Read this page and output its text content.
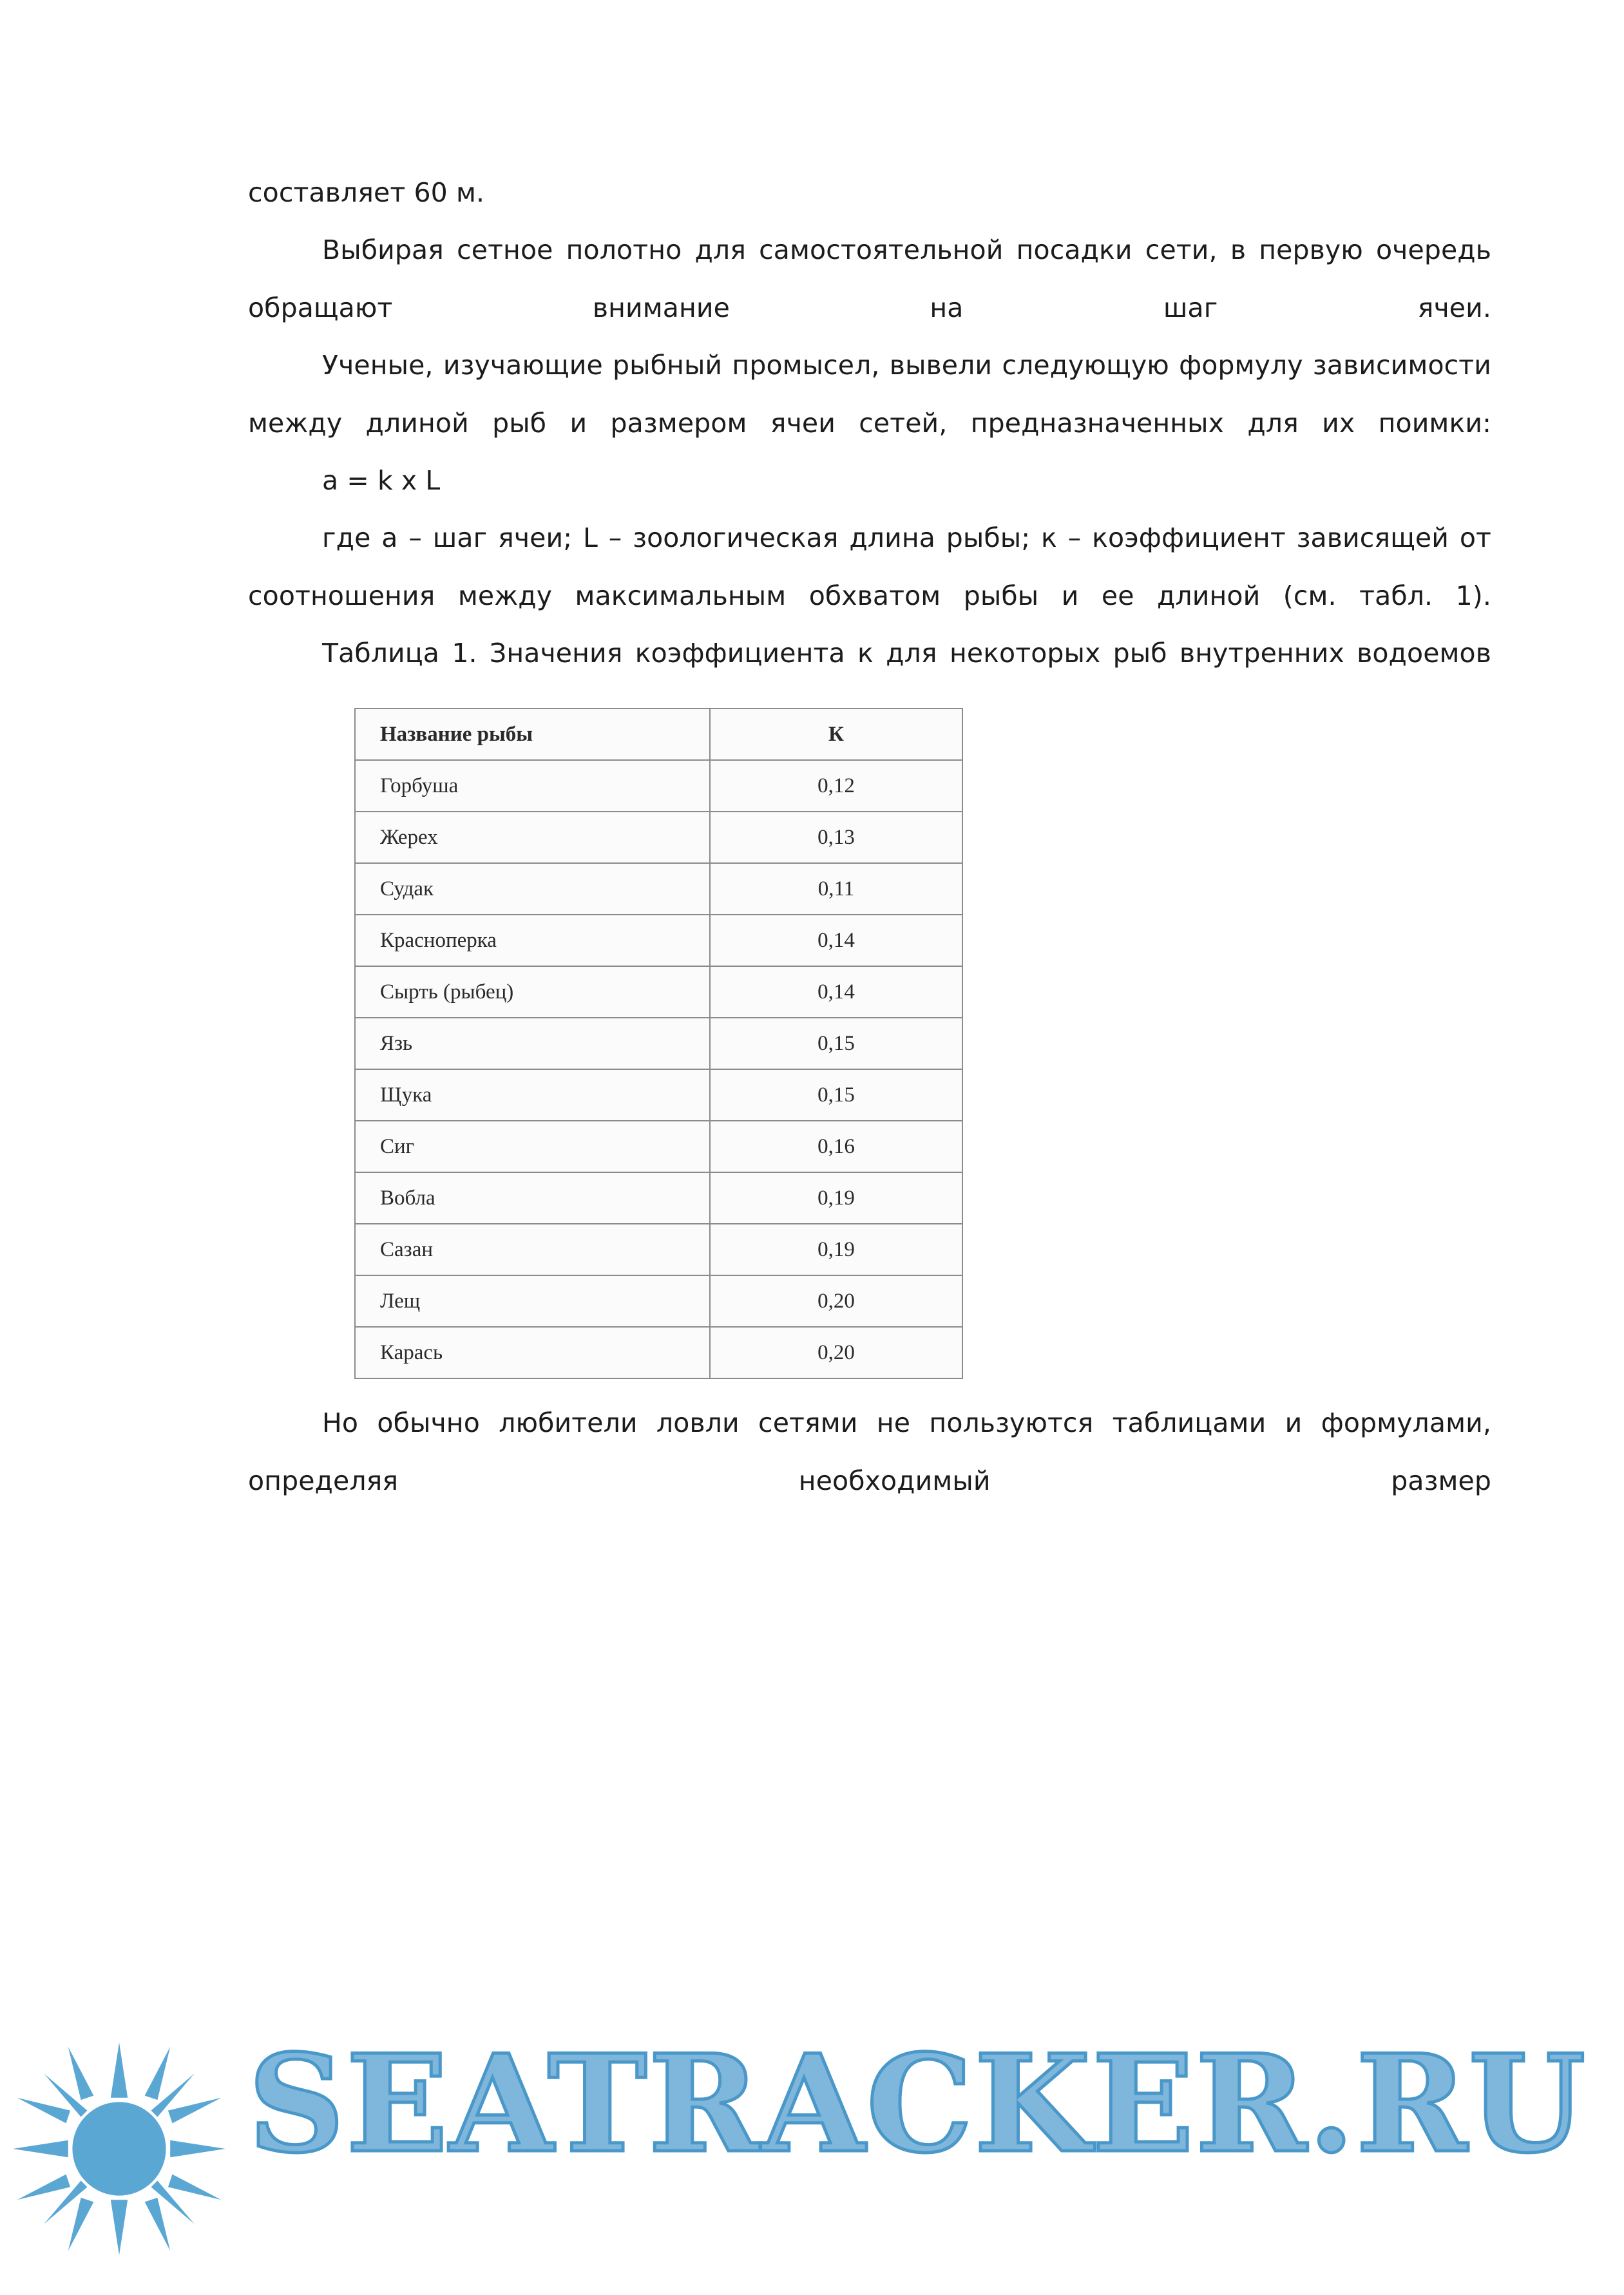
составляет 60 м.

Выбирая сетное полотно для самостоятельной посадки сети, в первую очередь обращают внимание на шаг ячеи.

Ученые, изучающие рыбный промысел, вывели следующую формулу зависимости между длиной рыб и размером ячеи сетей, предназначенных для их поимки:

a = k x L

где а – шаг ячеи; L – зоологическая длина рыбы; к – коэффициент зависящей от соотношения между максимальным обхватом рыбы и ее длиной (см. табл. 1).

Таблица 1. Значения коэффициента к для некоторых рыб внутренних водоемов

Название рыбы	К
Горбуша	0,12
Жерех	0,13
Судак	0,11
Красноперка	0,14
Сырть (рыбец)	0,14
Язь	0,15
Щука	0,15
Сиг	0,16
Вобла	0,19
Сазан	0,19
Лещ	0,20
Карась	0,20

Но обычно любители ловли сетями не пользуются таблицами и формулами, определяя необходимый размер

SEATRACKER.RU
